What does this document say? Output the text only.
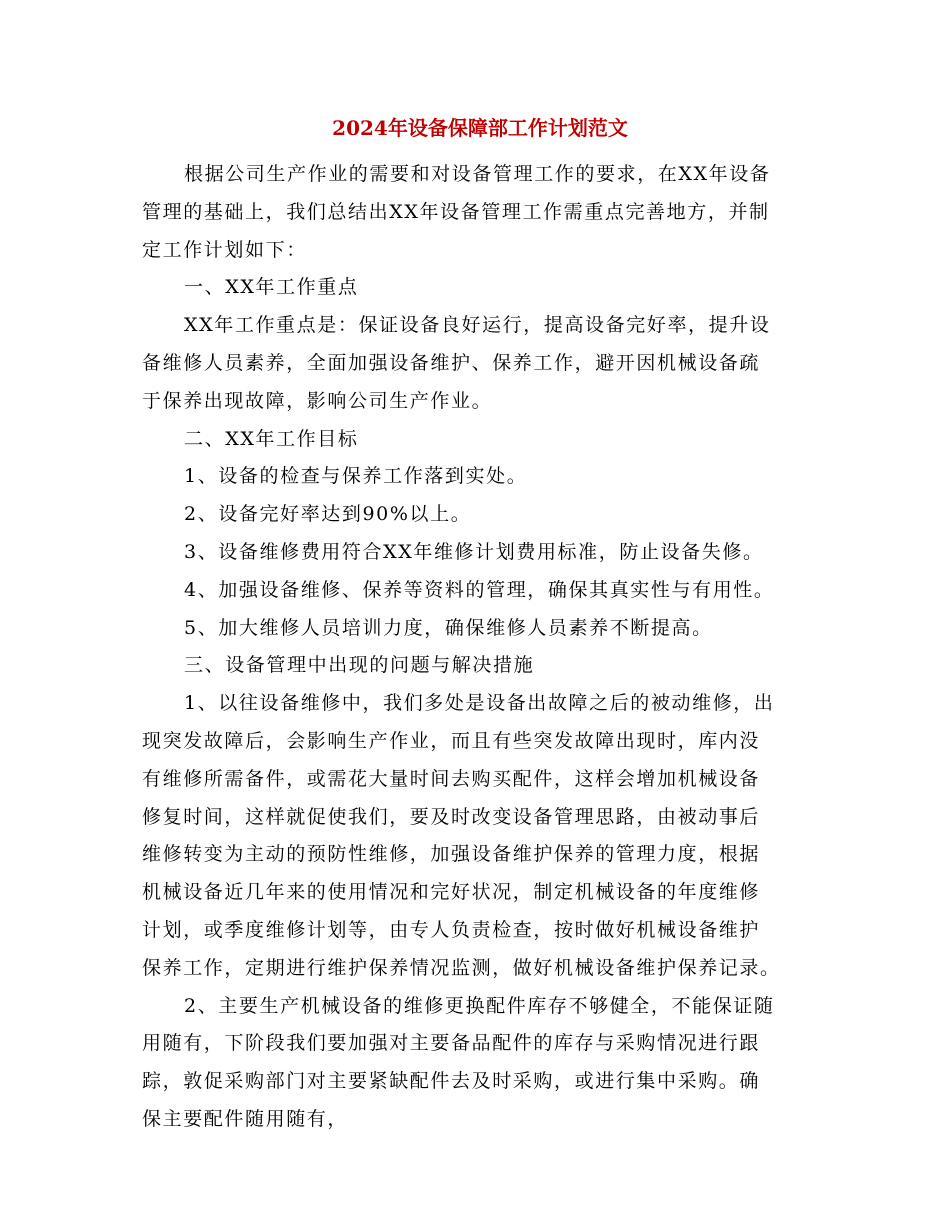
2024年设备保障部工作计划范文

根据公司生产作业的需要和对设备管理工作的要求，在XX年设备
管理的基础上，我们总结出XX年设备管理工作需重点完善地方，并制
定工作计划如下：

一、XX年工作重点

XX年工作重点是：保证设备良好运行，提高设备完好率，提升设
备维修人员素养，全面加强设备维护、保养工作，避开因机械设备疏
于保养出现故障，影响公司生产作业。

二、XX年工作目标

1、设备的检查与保养工作落到实处。

2、设备完好率达到90%以上。

3、设备维修费用符合XX年维修计划费用标准，防止设备失修。

4、加强设备维修、保养等资料的管理，确保其真实性与有用性。

5、加大维修人员培训力度，确保维修人员素养不断提高。

三、设备管理中出现的问题与解决措施

1、以往设备维修中，我们多处是设备出故障之后的被动维修，出
现突发故障后，会影响生产作业，而且有些突发故障出现时，库内没
有维修所需备件，或需花大量时间去购买配件，这样会增加机械设备
修复时间，这样就促使我们，要及时改变设备管理思路，由被动事后
维修转变为主动的预防性维修，加强设备维护保养的管理力度，根据
机械设备近几年来的使用情况和完好状况，制定机械设备的年度维修
计划，或季度维修计划等，由专人负责检查，按时做好机械设备维护
保养工作，定期进行维护保养情况监测，做好机械设备维护保养记录。

2、主要生产机械设备的维修更换配件库存不够健全，不能保证随
用随有，下阶段我们要加强对主要备品配件的库存与采购情况进行跟
踪，敦促采购部门对主要紧缺配件去及时采购，或进行集中采购。确
保主要配件随用随有，
